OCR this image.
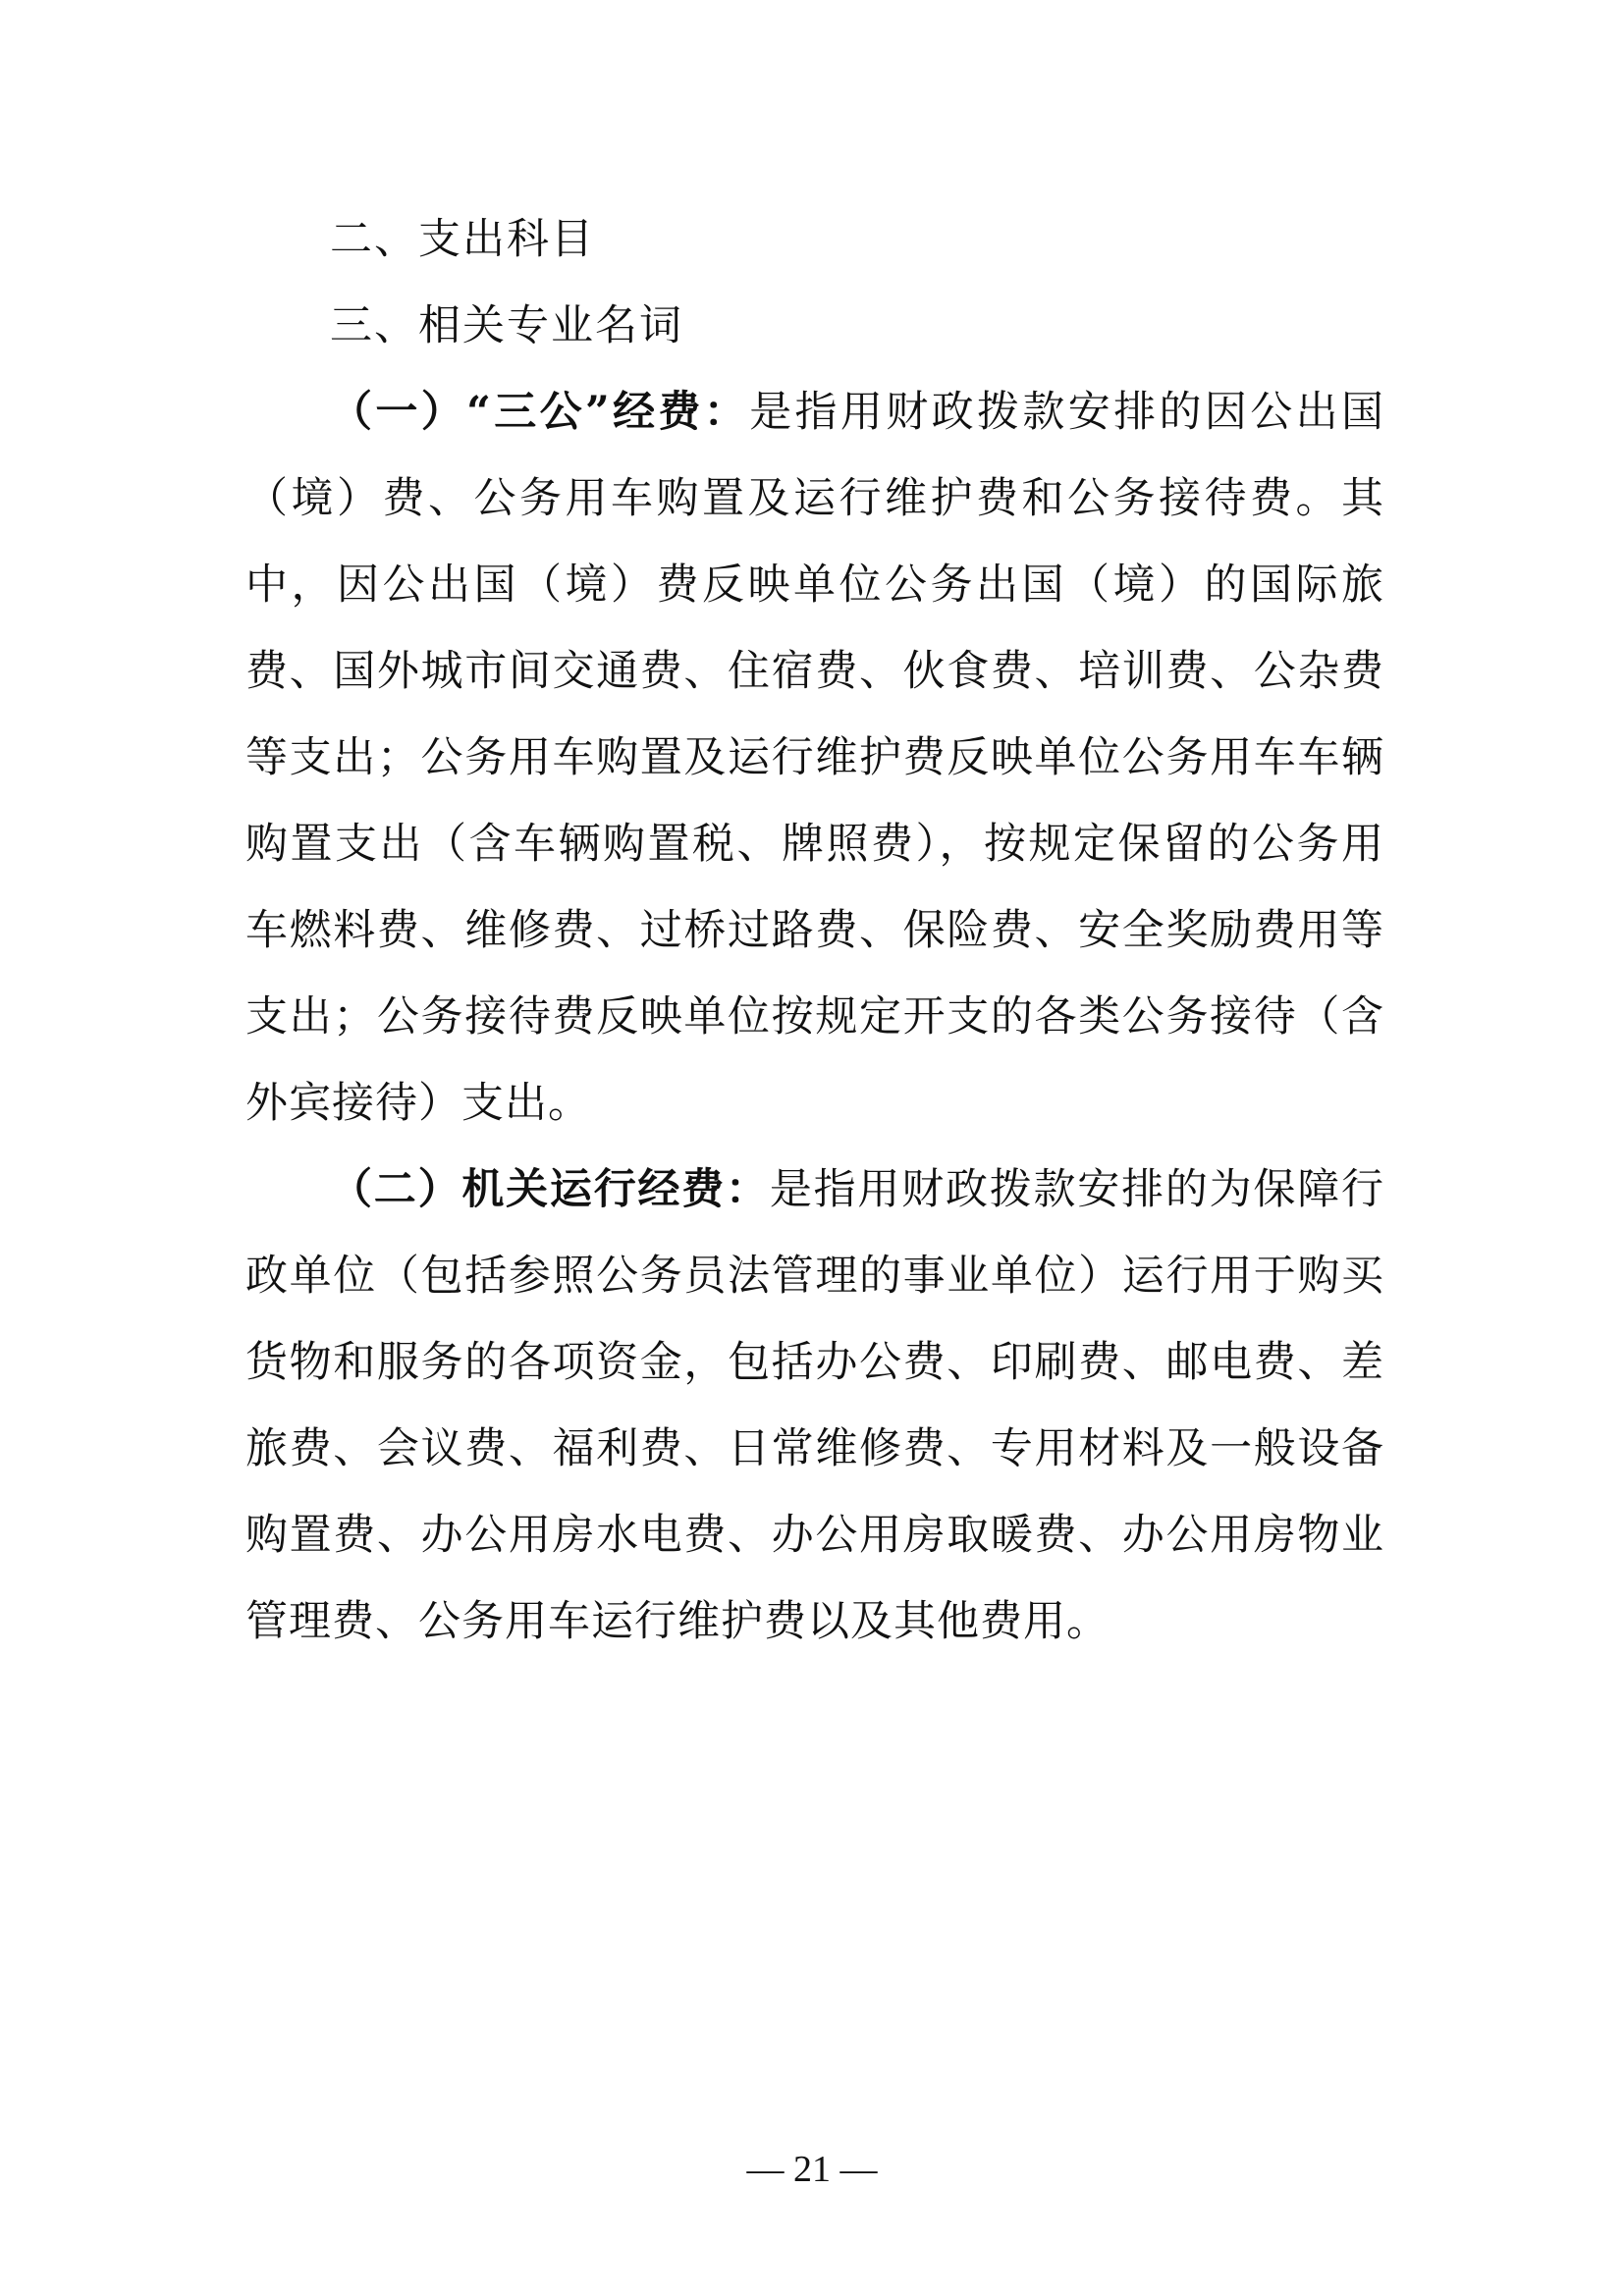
二、支出科目

三、相关专业名词

（一）“三公”经费：是指用财政拨款安排的因公出国（境）费、公务用车购置及运行维护费和公务接待费。其中，因公出国（境）费反映单位公务出国（境）的国际旅费、国外城市间交通费、住宿费、伙食费、培训费、公杂费等支出；公务用车购置及运行维护费反映单位公务用车车辆购置支出（含车辆购置税、牌照费），按规定保留的公务用车燃料费、维修费、过桥过路费、保险费、安全奖励费用等支出；公务接待费反映单位按规定开支的各类公务接待（含外宾接待）支出。

（二）机关运行经费：是指用财政拨款安排的为保障行政单位（包括参照公务员法管理的事业单位）运行用于购买货物和服务的各项资金，包括办公费、印刷费、邮电费、差旅费、会议费、福利费、日常维修费、专用材料及一般设备购置费、办公用房水电费、办公用房取暖费、办公用房物业管理费、公务用车运行维护费以及其他费用。

— 21 —
